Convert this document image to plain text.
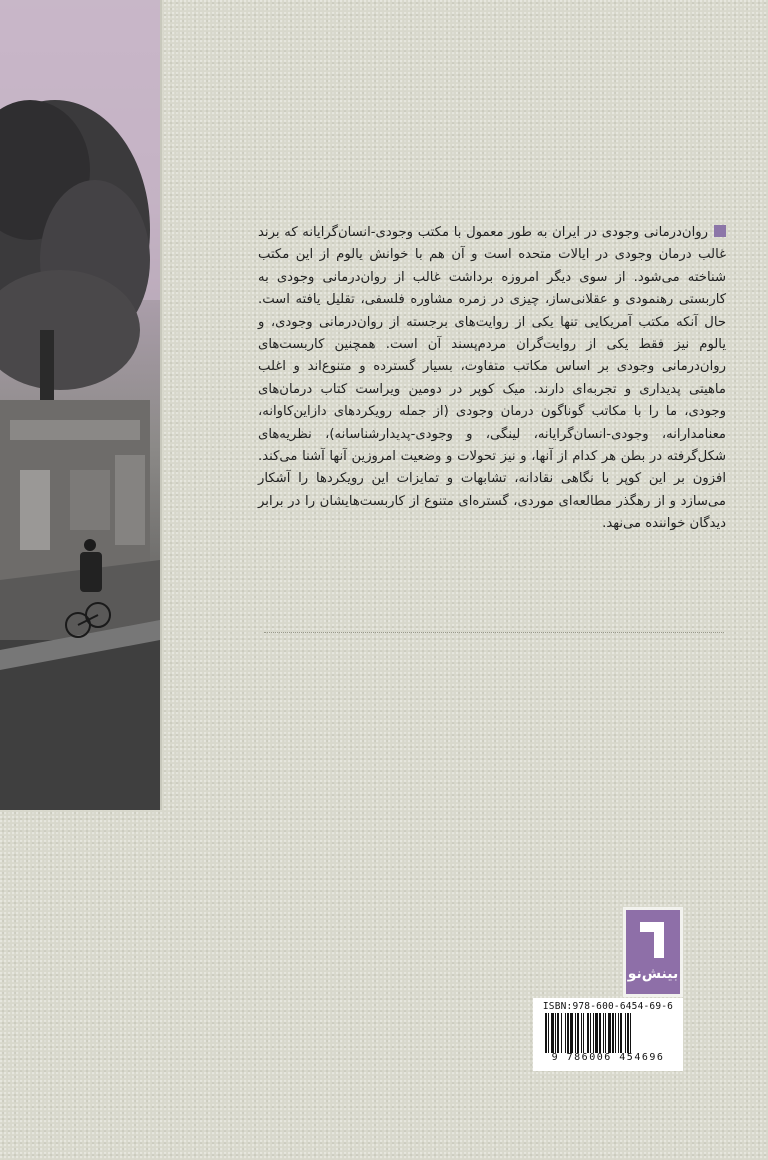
روان‌درمانی وجودی در ایران به طور معمول با مکتب وجودی-انسان‌گرایانه که برند غالب درمان وجودی در ایالات متحده است و آن هم با خوانش یالوم از این مکتب شناخته می‌شود. از سوی دیگر امروزه برداشت غالب از روان‌درمانی وجودی به کاربستی رهنمودی و عقلانی‌ساز، چیزی در زمره مشاوره فلسفی، تقلیل یافته است. حال آنکه مکتب آمریکایی تنها یکی از روایت‌های برجسته از روان‌درمانی وجودی، و یالوم نیز فقط یکی از روایت‌گران مردم‌پسند آن است. همچنین کاربست‌های روان‌درمانی وجودی بر اساس مکاتب متفاوت، بسیار گسترده و متنوع‌اند و اغلب ماهیتی پدیداری و تجربه‌ای دارند. میک کوپر در دومین ویراست کتاب درمان‌های وجودی، ما را با مکاتب گوناگون درمان وجودی (از جمله رویکردهای دازاین‌کاوانه، معنامدارانه، وجودی-انسان‌گرایانه، لینگی، و وجودی-پدیدارشناسانه)، نظریه‌های شکل‌گرفته در بطن هر کدام از آنها، و نیز تحولات و وضعیت امروزین آنها آشنا می‌کند. افزون بر این کوپر با نگاهی نقادانه، تشابهات و تمایزات این رویکردها را آشکار می‌سازد و از رهگذر مطالعه‌ای موردی، گستره‌ای متنوع از کاربست‌هایشان را در برابر دیدگان خواننده می‌نهد.
بینش‌نو
ISBN:978-600-6454-69-6
9 786006 454696
